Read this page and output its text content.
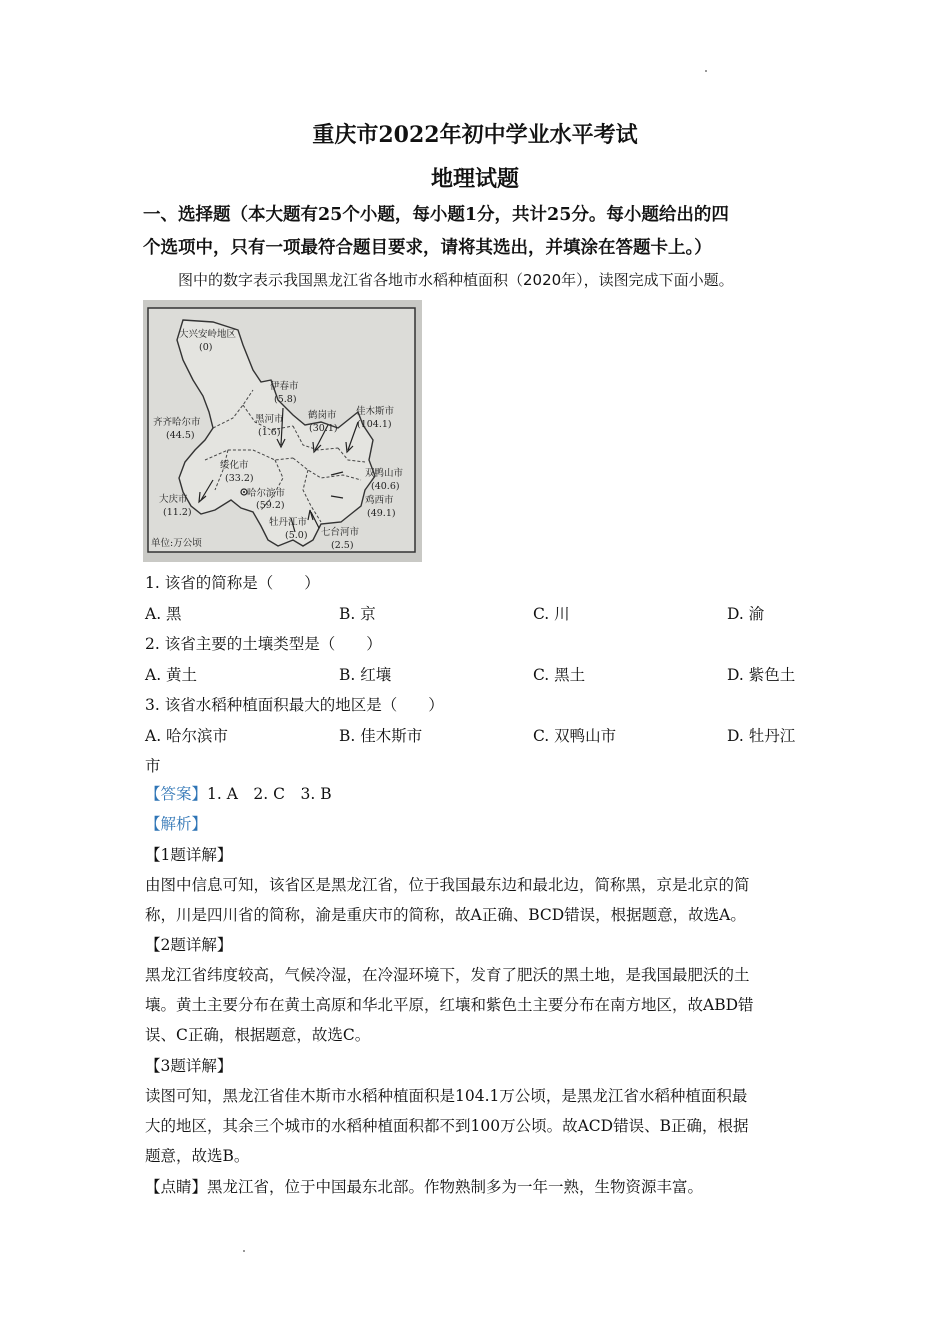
重庆市2022年初中学业水平考试
地理试题
一、选择题（本大题有25个小题，每小题1分，共计25分。每小题给出的四
个选项中，只有一项最符合题目要求，请将其选出，并填涂在答题卡上。）
图中的数字表示我国黑龙江省各地市水稻种植面积（2020年），读图完成下面小题。
大兴安岭地区
(0)
伊春市
(5.8)
黑河市
(1.6)
鹤岗市
(30.1)
佳木斯市
(104.1)
齐齐哈尔市
(44.5)
绥化市
(33.2)	双鸭山市
(40.6)
哈尔滨市
(59.2)	鸡西市
(49.1)
大庆市
(11.2)
牡丹江市
(5.0) 七台河市
(2.5)
单位:万公顷
1. 该省的简称是（　　）
A. 黑	B. 京	C. 川	D. 渝
2. 该省主要的土壤类型是（　　）
A. 黄土	B. 红壤	C. 黑土	D. 紫色土
3. 该省水稻种植面积最大的地区是（　　）
A. 哈尔滨市	B. 佳木斯市	C. 双鸭山市	D. 牡丹江
市
【答案】1. A　2. C　3. B
【解析】
【1题详解】
由图中信息可知，该省区是黑龙江省，位于我国最东边和最北边，简称黑，京是北京的简
称，川是四川省的简称，渝是重庆市的简称，故A正确、BCD错误，根据题意，故选A。
【2题详解】
黑龙江省纬度较高，气候冷湿，在冷湿环境下，发育了肥沃的黑土地，是我国最肥沃的土
壤。黄土主要分布在黄土高原和华北平原，红壤和紫色土主要分布在南方地区，故ABD错
误、C正确，根据题意，故选C。
【3题详解】
读图可知，黑龙江省佳木斯市水稻种植面积是104.1万公顷，是黑龙江省水稻种植面积最
大的地区，其余三个城市的水稻种植面积都不到100万公顷。故ACD错误、B正确，根据
题意，故选B。
【点睛】黑龙江省，位于中国最东北部。作物熟制多为一年一熟，生物资源丰富。
